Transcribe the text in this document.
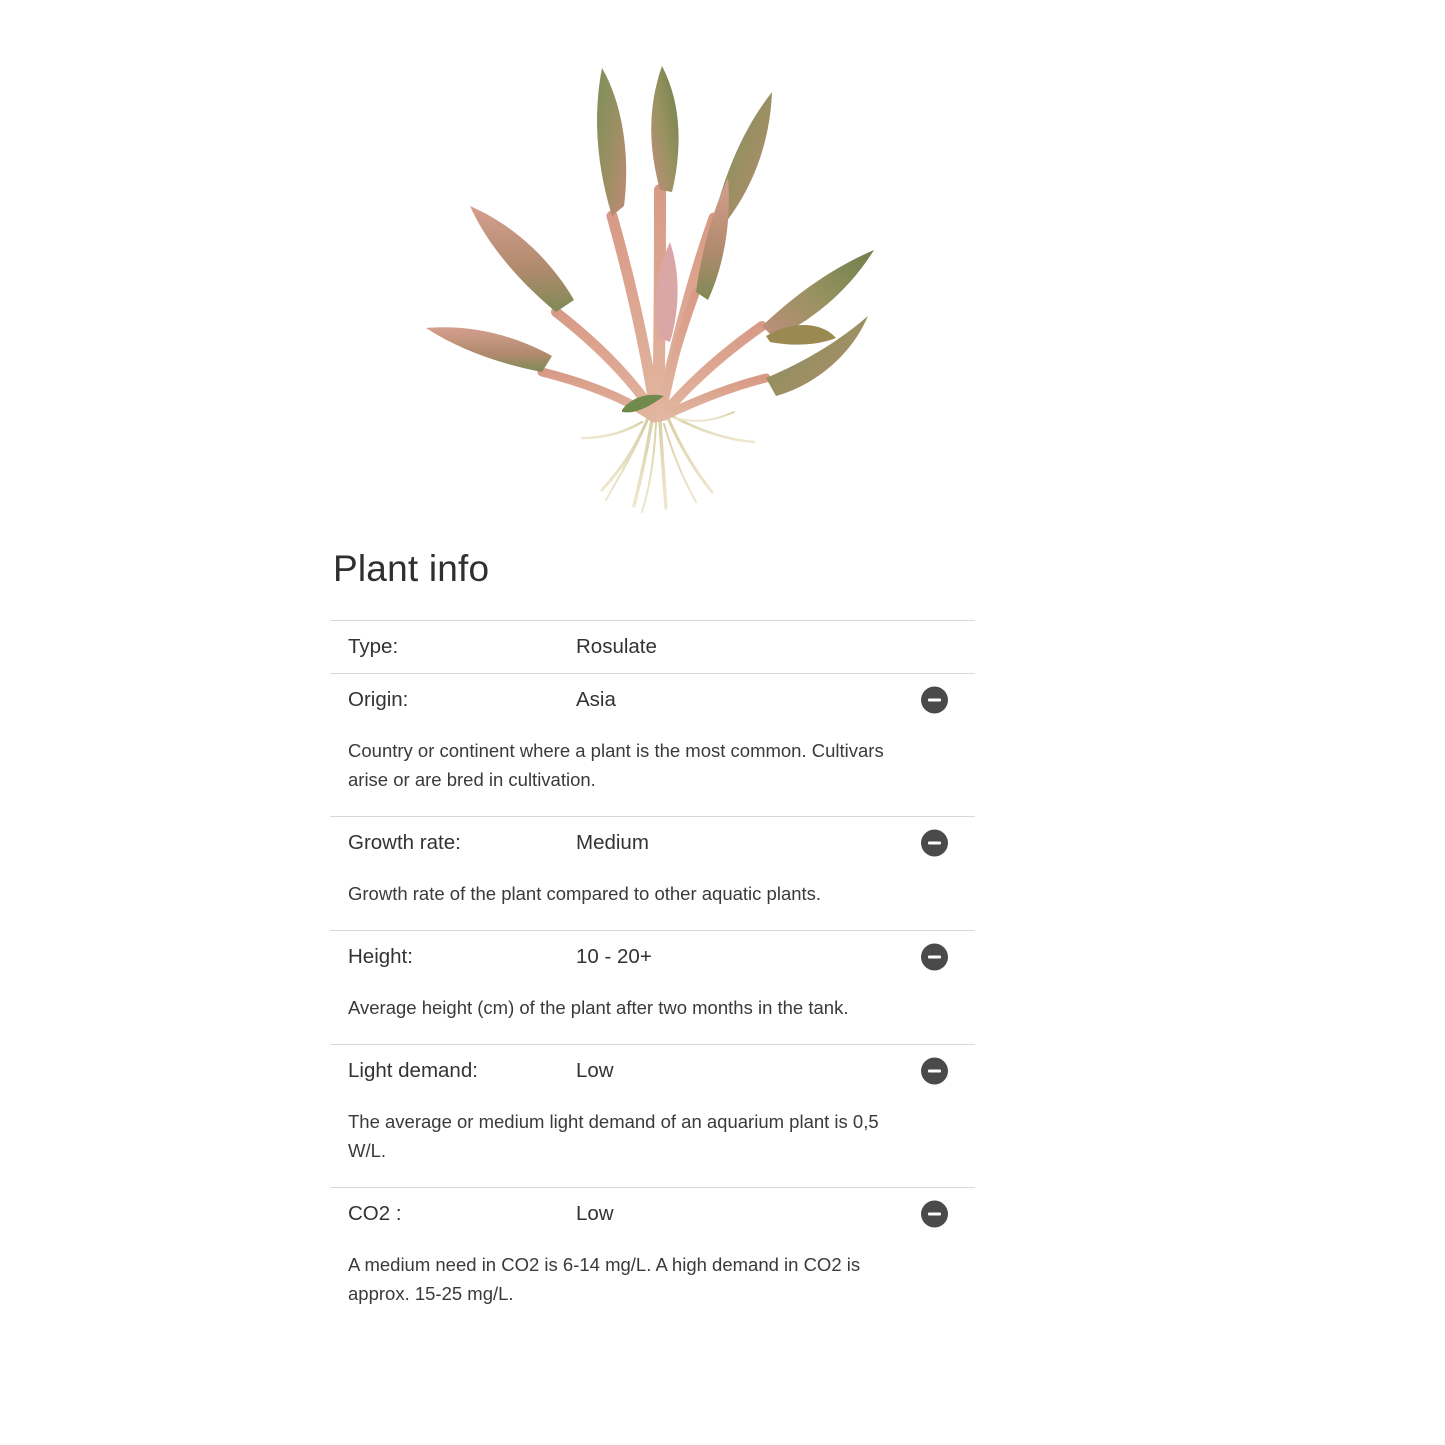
Plant info
Type:	Rosulate
Origin:	Asia
Country or continent where a plant is the most common. Cultivars arise or are bred in cultivation.
Growth rate:	Medium
Growth rate of the plant compared to other aquatic plants.
Height:	10 - 20+
Average height (cm) of the plant after two months in the tank.
Light demand:	Low
The average or medium light demand of an aquarium plant is 0,5 W/L.
CO2 :	Low
A medium need in CO2 is 6-14 mg/L. A high demand in CO2 is approx. 15-25 mg/L.
